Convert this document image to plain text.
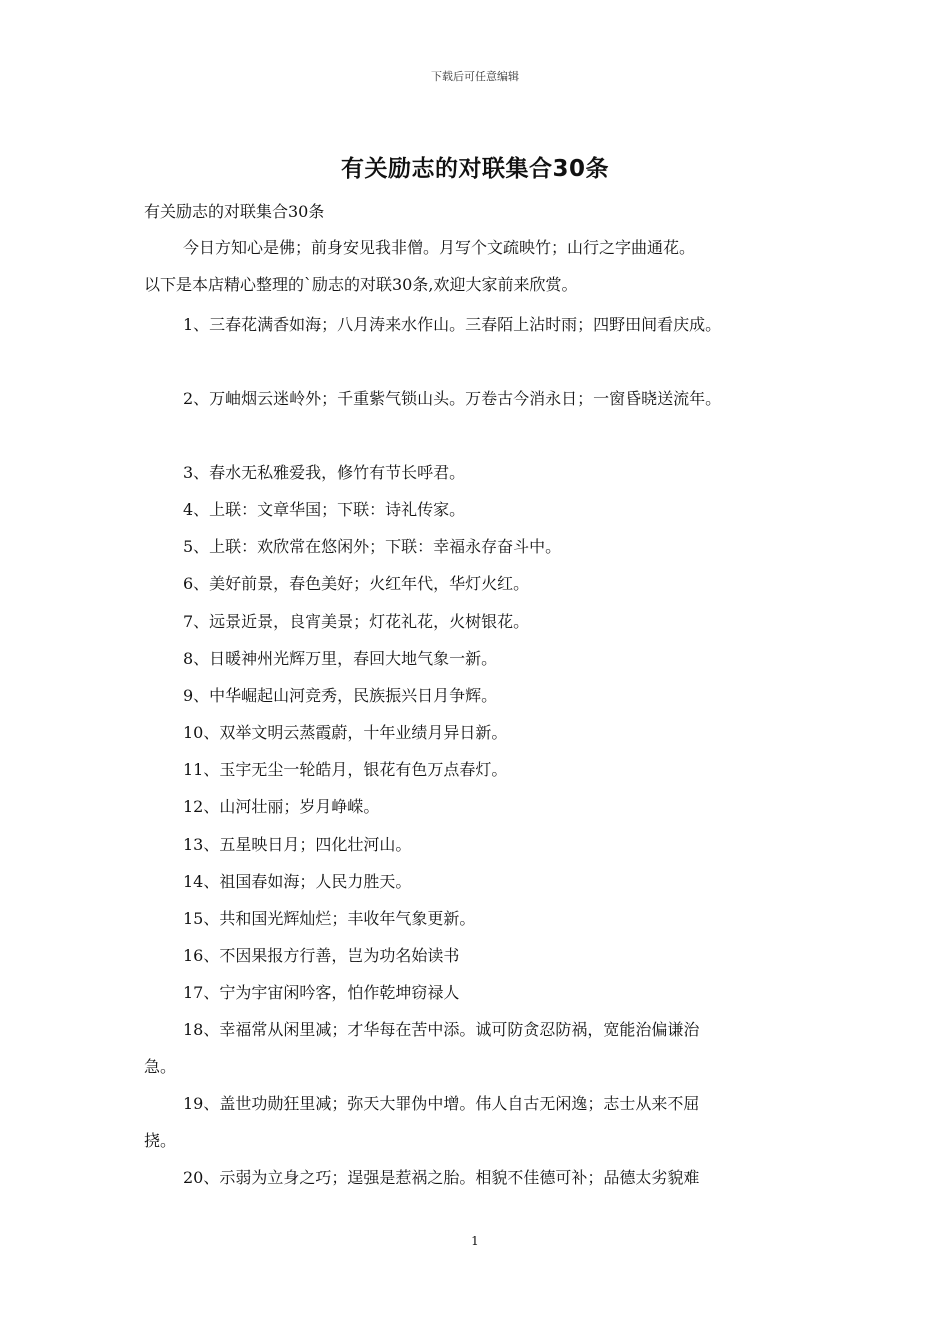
下载后可任意编辑
有关励志的对联集合30条
有关励志的对联集合30条
今日方知心是佛；前身安见我非僧。月写个文疏映竹；山行之字曲通花。
以下是本店精心整理的`励志的对联30条,欢迎大家前来欣赏。
1、三春花满香如海；八月涛来水作山。三春陌上沾时雨；四野田间看庆成。
2、万岫烟云迷岭外；千重紫气锁山头。万卷古今消永日；一窗昏晓送流年。
3、春水无私雅爱我，修竹有节长呼君。
4、上联：文章华国；下联：诗礼传家。
5、上联：欢欣常在悠闲外；下联：幸福永存奋斗中。
6、美好前景，春色美好；火红年代，华灯火红。
7、远景近景，良宵美景；灯花礼花，火树银花。
8、日暖神州光辉万里，春回大地气象一新。
9、中华崛起山河竞秀，民族振兴日月争辉。
10、双举文明云蒸霞蔚，十年业绩月异日新。
11、玉宇无尘一轮皓月，银花有色万点春灯。
12、山河壮丽；岁月峥嵘。
13、五星映日月；四化壮河山。
14、祖国春如海；人民力胜天。
15、共和国光辉灿烂；丰收年气象更新。
16、不因果报方行善，岂为功名始读书
17、宁为宇宙闲吟客，怕作乾坤窃禄人
18、幸福常从闲里减；才华每在苦中添。诚可防贪忍防祸，宽能治偏谦治
急。
19、盖世功勋狂里减；弥天大罪伪中增。伟人自古无闲逸；志士从来不屈
挠。
20、示弱为立身之巧；逞强是惹祸之胎。相貌不佳德可补；品德太劣貌难
1
